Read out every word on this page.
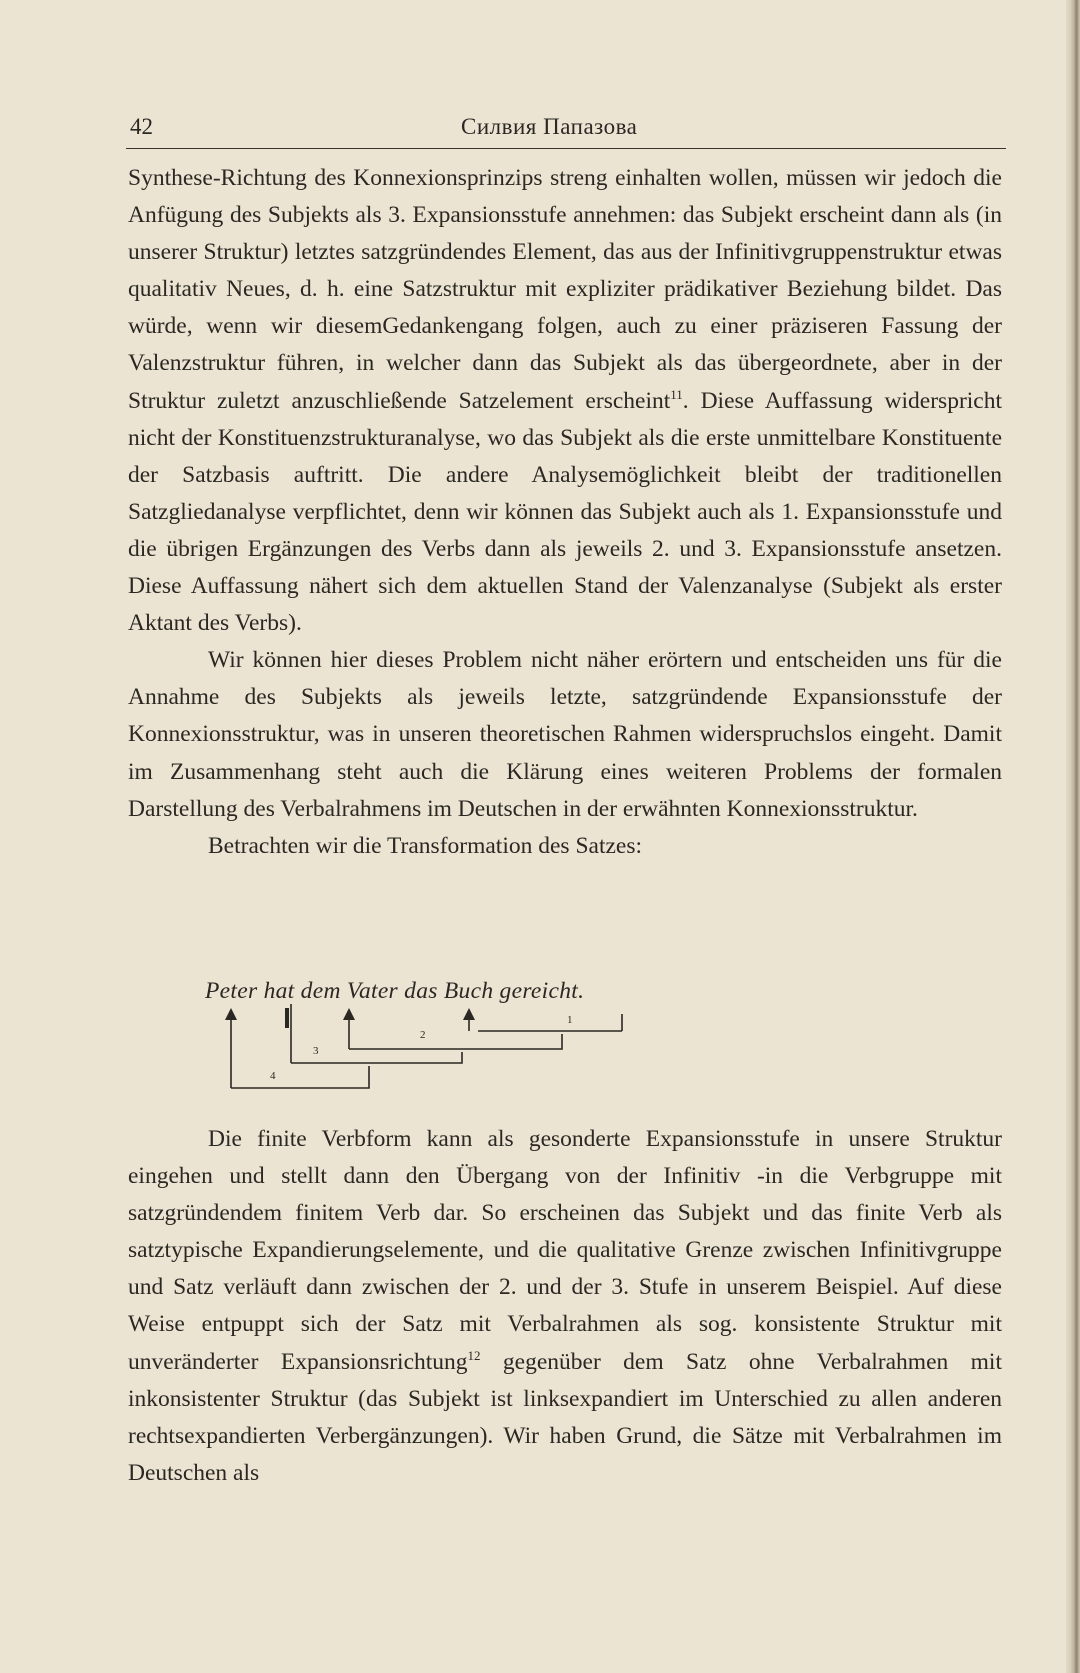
42	Силвия Папазова

Synthese-Richtung des Konnexionsprinzips streng einhalten wollen, müssen wir jedoch die Anfügung des Subjekts als 3. Expansionsstufe annehmen: das Subjekt erscheint dann als (in unserer Struktur) letztes satzgründendes Element, das aus der Infinitivgruppenstruktur etwas qualitativ Neues, d. h. eine Satzstruktur mit expliziter prädikativer Beziehung bildet. Das würde, wenn wir diesemGedankengang folgen, auch zu einer präziseren Fassung der Valenzstruktur führen, in welcher dann das Subjekt als das übergeordnete, aber in der Struktur zuletzt anzuschließende Satzelement erscheint$^{11}$. Diese Auffassung widerspricht nicht der Konstituenzstrukturanalyse, wo das Subjekt als die erste unmittelbare Konstituente der Satzbasis auftritt. Die andere Analysemöglichkeit bleibt der traditionellen Satzgliedanalyse verpflichtet, denn wir können das Subjekt auch als 1. Expansionsstufe und die übrigen Ergänzungen des Verbs dann als jeweils 2. und 3. Expansionsstufe ansetzen. Diese Auffassung nähert sich dem aktuellen Stand der Valenzanalyse (Subjekt als erster Aktant des Verbs).

Wir können hier dieses Problem nicht näher erörtern und entscheiden uns für die Annahme des Subjekts als jeweils letzte, satzgründende Expansionsstufe der Konnexionsstruktur, was in unseren theoretischen Rahmen widerspruchslos eingeht. Damit im Zusammenhang steht auch die Klärung eines weiteren Problems der formalen Darstellung des Verbalrahmens im Deutschen in der erwähnten Konnexionsstruktur.

Betrachten wir die Transformation des Satzes:

Peter hat dem Vater das Buch gereicht.
1
2
3
4

Die finite Verbform kann als gesonderte Expansionsstufe in unsere Struktur eingehen und stellt dann den Übergang von der Infinitiv -in die Verbgruppe mit satzgründendem finitem Verb dar. So erscheinen das Subjekt und das finite Verb als satztypische Expandierungselemente, und die qualitative Grenze zwischen Infinitivgruppe und Satz verläuft dann zwischen der 2. und der 3. Stufe in unserem Beispiel. Auf diese Weise entpuppt sich der Satz mit Verbalrahmen als sog. konsistente Struktur mit unveränderter Expansionsrichtung$^{12}$ gegenüber dem Satz ohne Verbalrahmen mit inkonsistenter Struktur (das Subjekt ist linksexpandiert im Unterschied zu allen anderen rechtsexpandierten Verbergänzungen). Wir haben Grund, die Sätze mit Verbalrahmen im Deutschen als
